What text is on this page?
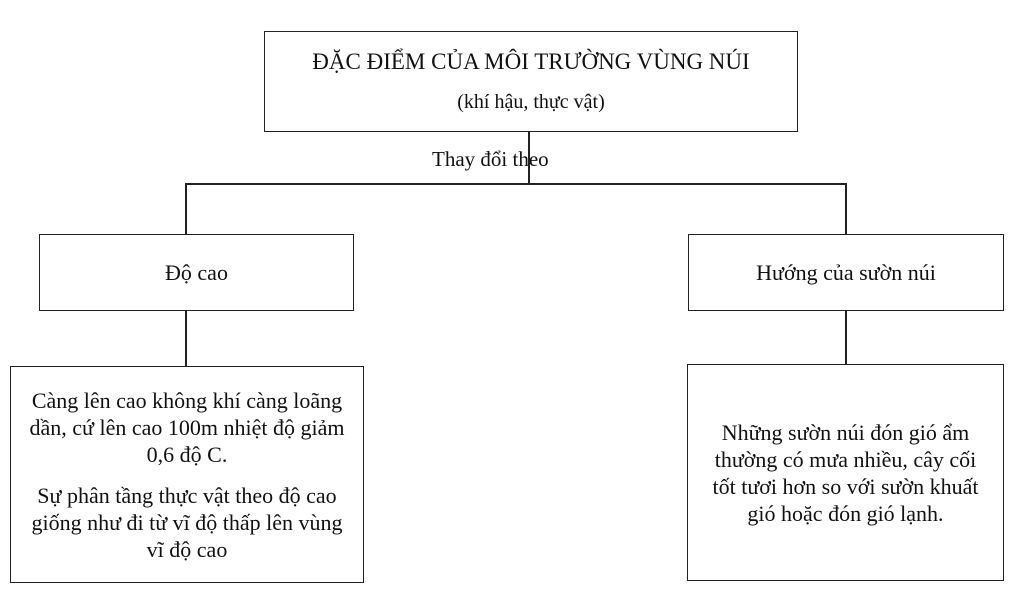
ĐẶC ĐIỂM CỦA MÔI TRƯỜNG VÙNG NÚI
(khí hậu, thực vật)
Thay đổi theo
Độ cao	Hướng của sườn núi

Càng lên cao không khí càng loãng dần, cứ lên cao 100m nhiệt độ giảm 0,6 độ C.

Sự phân tầng thực vật theo độ cao giống như đi từ vĩ độ thấp lên vùng vĩ độ cao

Những sườn núi đón gió ẩm thường có mưa nhiều, cây cối tốt tươi hơn so với sườn khuất gió hoặc đón gió lạnh.
